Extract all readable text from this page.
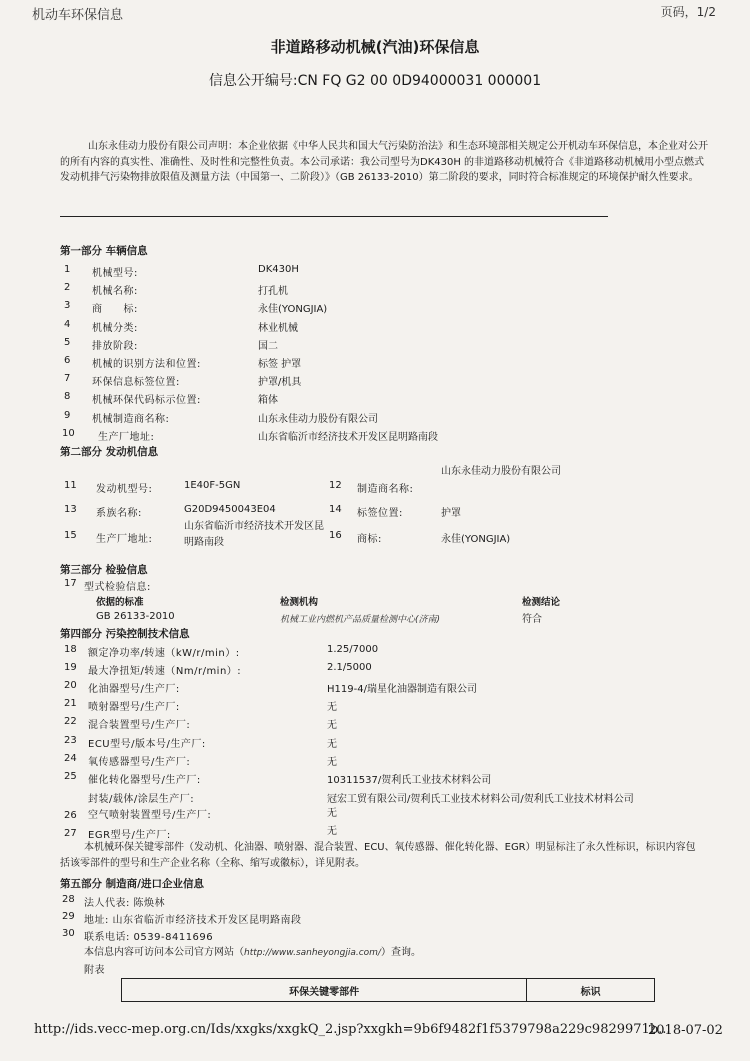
机动车环保信息	页码，1/2
非道路移动机械(汽油)环保信息
信息公开编号:CN FQ G2 00 0D94000031 000001
山东永佳动力股份有限公司声明：本企业依据《中华人民共和国大气污染防治法》和生态环境部相关规定公开机动车环保信息，本企业对公开的所有内容的真实性、准确性、及时性和完整性负责。本公司承诺：我公司型号为DK430H 的非道路移动机械符合《非道路移动机械用小型点燃式发动机排气污染物排放限值及测量方法（中国第一、二阶段）》（GB 26133-2010）第二阶段的要求，同时符合标准规定的环境保护耐久性要求。
第一部分 车辆信息
1 机械型号:	DK430H
2 机械名称:	打孔机
3 商　　标:	永佳(YONGJIA)
4 机械分类:	林业机械
5 排放阶段:	国二
6 机械的识别方法和位置:	标签 护罩
7 环保信息标签位置:	护罩/机具
8 机械环保代码标示位置:	箱体
9 机械制造商名称:	山东永佳动力股份有限公司
10 生产厂地址:	山东省临沂市经济技术开发区昆明路南段
第二部分 发动机信息
11 发动机型号:	1E40F-5GN	12 制造商名称:
山东永佳动力股份有限公司
13 系族名称:	G20D9450043E04	14 标签位置:	护罩
15 生产厂地址:
山东省临沂市经济技术开发区昆明路南段
16 商标:	永佳(YONGJIA)
第三部分 检验信息
17 型式检验信息:
依据的标准	检测机构	检测结论
GB 26133-2010	机械工业内燃机产品质量检测中心(济南)	符合
第四部分 污染控制技术信息
18 额定净功率/转速（kW/r/min）:	1.25/7000
19 最大净扭矩/转速（Nm/r/min）:	2.1/5000
20 化油器型号/生产厂:	H119-4/瑞星化油器制造有限公司
21 喷射器型号/生产厂:	无
22 混合装置型号/生产厂:	无
23 ECU型号/版本号/生产厂:	无
24 氧传感器型号/生产厂:	无
25 催化转化器型号/生产厂:	10311537/贺利氏工业技术材料公司
封装/载体/涂层生产厂:	冠宏工贸有限公司/贺利氏工业技术材料公司/贺利氏工业技术材料公司
26 空气喷射装置型号/生产厂:	无
27 EGR型号/生产厂:	无
本机械环保关键零部件（发动机、化油器、喷射器、混合装置、ECU、氧传感器、催化转化器、EGR）明显标注了永久性标识，标识内容包括该零部件的型号和生产企业名称（全称、缩写或徽标），详见附表。
第五部分 制造商/进口企业信息
28 法人代表: 陈焕林
29 地址: 山东省临沂市经济技术开发区昆明路南段
30 联系电话: 0539-8411696
本信息内容可访问本公司官方网站（http://www.sanheyongjia.com/）查询。
附表
环保关键零部件	标识
http://ids.vecc-mep.org.cn/Ids/xxgks/xxgkQ_2.jsp?xxgkh=9b6f9482f1f5379798a229c9829971b...
2018-07-02
